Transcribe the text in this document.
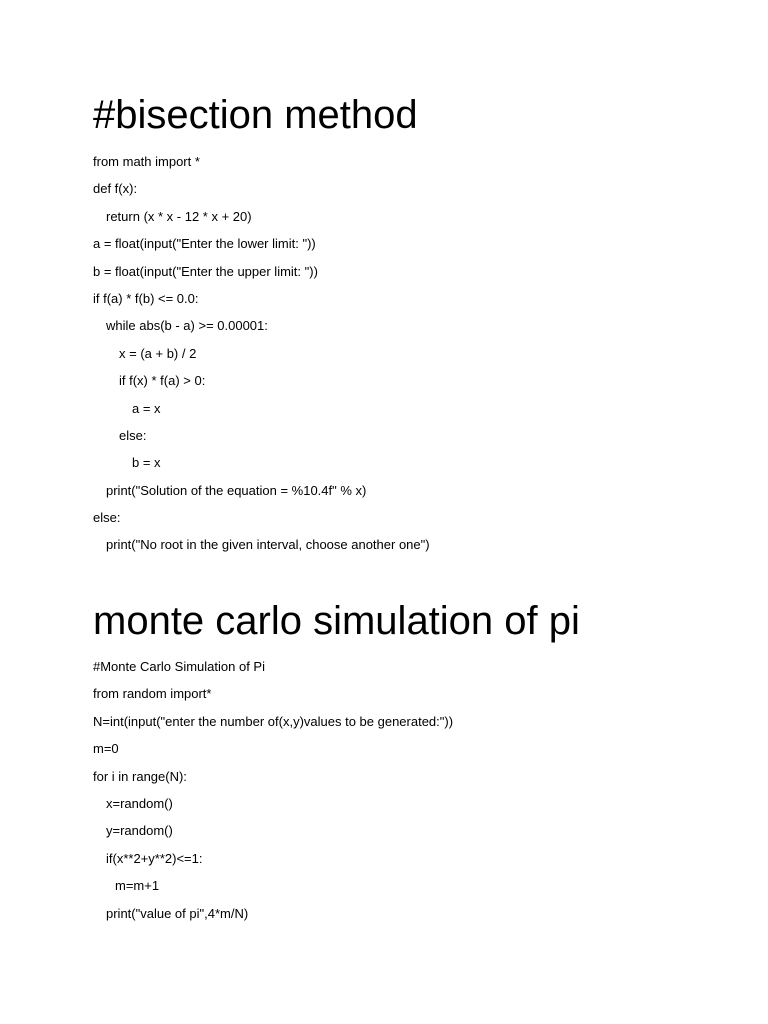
#bisection method
from math import *
def f(x):
return (x * x - 12 * x + 20)
a = float(input("Enter the lower limit: "))
b = float(input("Enter the upper limit: "))
if f(a) * f(b) <= 0.0:
while abs(b - a) >= 0.00001:
x = (a + b) / 2
if f(x) * f(a) > 0:
a = x
else:
b = x
print("Solution of the equation = %10.4f" % x)
else:
print("No root in the given interval, choose another one")
monte carlo simulation of pi
#Monte Carlo Simulation of Pi
from random import*
N=int(input("enter the number of(x,y)values to be generated:"))
m=0
for i in range(N):
x=random()
y=random()
if(x**2+y**2)<=1:
m=m+1
print("value of pi",4*m/N)
